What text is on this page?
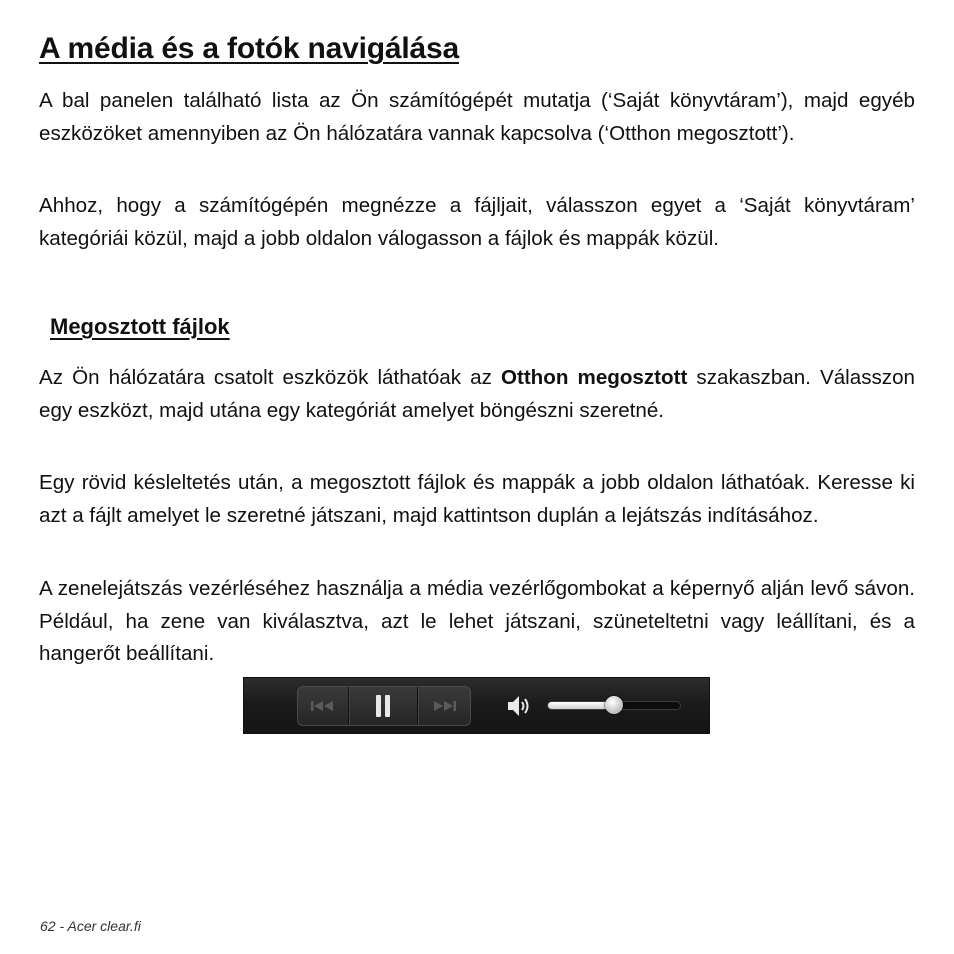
A média és a fotók navigálása

A bal panelen található lista az Ön számítógépét mutatja (‘Saját könyvtáram’), majd egyéb eszközöket amennyiben az Ön hálózatára vannak kapcsolva (‘Otthon megosztott’).

Ahhoz, hogy a számítógépén megnézze a fájljait, válasszon egyet a ‘Saját könyvtáram’ kategóriái közül, majd a jobb oldalon válogasson a fájlok és mappák közül.

Megosztott fájlok

Az Ön hálózatára csatolt eszközök láthatóak az Otthon megosztott szakaszban. Válasszon egy eszközt, majd utána egy kategóriát amelyet böngészni szeretné.

Egy rövid késleltetés után, a megosztott fájlok és mappák a jobb oldalon láthatóak. Keresse ki azt a fájlt amelyet le szeretné játszani, majd kattintson duplán a lejátszás indításához.

A zenelejátszás vezérléséhez használja a média vezérlőgombokat a képernyő alján levő sávon. Például, ha zene van kiválasztva, azt le lehet játszani, szüneteltetni vagy leállítani, és a hangerőt beállítani.

62 - Acer clear.fi
